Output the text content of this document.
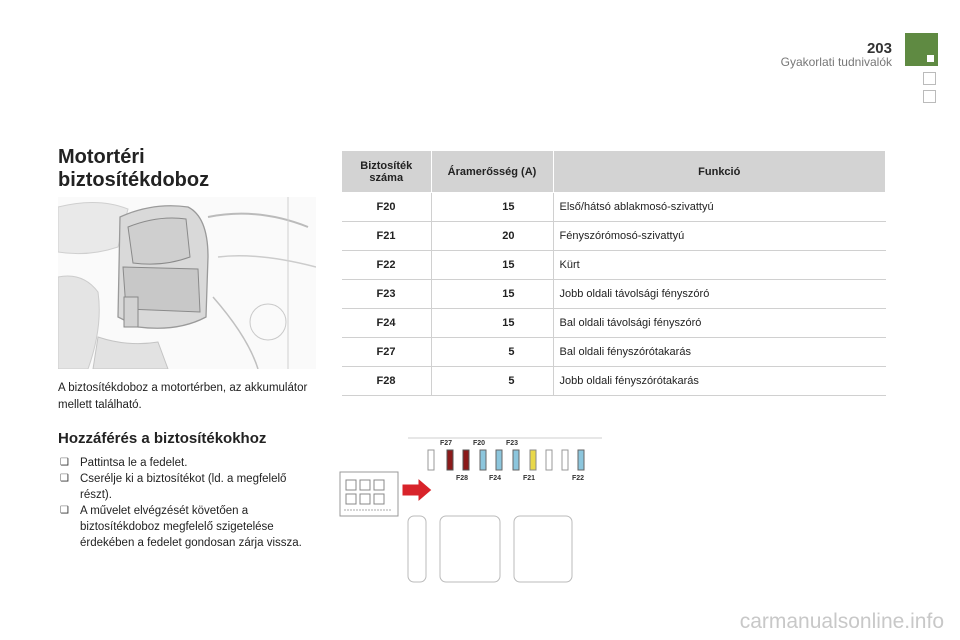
203
Gyakorlati tudnivalók
Motortéri biztosítékdoboz
A biztosítékdoboz a motortérben, az akkumulátor mellett található.
Hozzáférés a biztosítékokhoz
❑ Pattintsa le a fedelet.
❑ Cserélje ki a biztosítékot (ld. a megfelelő részt).
❑ A művelet elvégzését követően a biztosítékdoboz megfelelő szigetelése érdekében a fedelet gondosan zárja vissza.
Biztosíték száma	Áramerősség (A)	Funkció
F20	15	Első/hátsó ablakmosó-szivattyú
F21	20	Fényszórómosó-szivattyú
F22	15	Kürt
F23	15	Jobb oldali távolsági fényszóró
F24	15	Bal oldali távolsági fényszóró
F27	5	Bal oldali fényszórótakarás
F28	5	Jobb oldali fényszórótakarás
F27	F20	F23
F28	F24	F21	F22
carmanualsonline.info
